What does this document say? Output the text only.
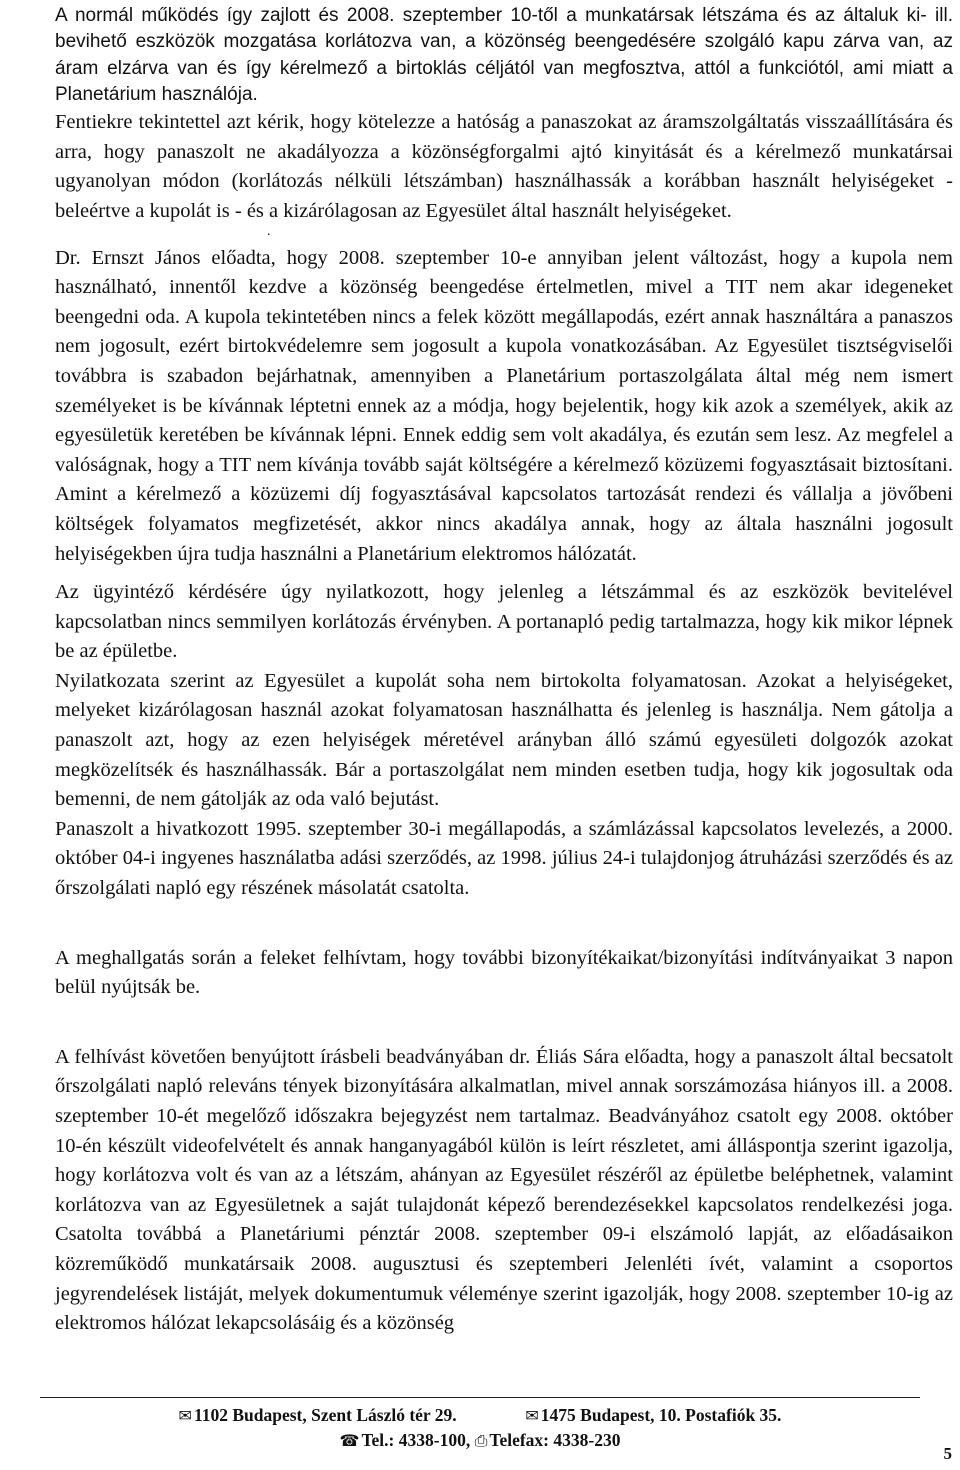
A normál működés így zajlott és 2008. szeptember 10-től a munkatársak létszáma és az általuk ki- ill. bevihető eszközök mozgatása korlátozva van, a közönség beengedésére szolgáló kapu zárva van, az áram elzárva van és így kérelmező a birtoklás céljától van megfosztva, attól a funkciótól, ami miatt a Planetárium használója.

Fentiekre tekintettel azt kérik, hogy kötelezze a hatóság a panaszokat az áramszolgáltatás visszaállítására és arra, hogy panaszolt ne akadályozza a közönségforgalmi ajtó kinyitását és a kérelmező munkatársai ugyanolyan módon (korlátozás nélküli létszámban) használhassák a korábban használt helyiségeket - beleértve a kupolát is - és a kizárólagosan az Egyesület által használt helyiségeket.

.

Dr. Ernszt János előadta, hogy 2008. szeptember 10-e annyiban jelent változást, hogy a kupola nem használható, innentől kezdve a közönség beengedése értelmetlen, mivel a TIT nem akar idegeneket beengedni oda. A kupola tekintetében nincs a felek között megállapodás, ezért annak használtára a panaszos nem jogosult, ezért birtokvédelemre sem jogosult a kupola vonatkozásában. Az Egyesület tisztségviselői továbbra is szabadon bejárhatnak, amennyiben a Planetárium portaszolgálata által még nem ismert személyeket is be kívánnak léptetni ennek az a módja, hogy bejelentik, hogy kik azok a személyek, akik az egyesületük keretében be kívánnak lépni. Ennek eddig sem volt akadálya, és ezután sem lesz. Az megfelel a valóságnak, hogy a TIT nem kívánja tovább saját költségére a kérelmező közüzemi fogyasztásait biztosítani. Amint a kérelmező a közüzemi díj fogyasztásával kapcsolatos tartozását rendezi és vállalja a jövőbeni költségek folyamatos megfizetését, akkor nincs akadálya annak, hogy az általa használni jogosult helyiségekben újra tudja használni a Planetárium elektromos hálózatát.

Az ügyintéző kérdésére úgy nyilatkozott, hogy jelenleg a létszámmal és az eszközök bevitelével kapcsolatban nincs semmilyen korlátozás érvényben. A portanapló pedig tartalmazza, hogy kik mikor lépnek be az épületbe.

Nyilatkozata szerint az Egyesület a kupolát soha nem birtokolta folyamatosan. Azokat a helyiségeket, melyeket kizárólagosan használ azokat folyamatosan használhatta és jelenleg is használja. Nem gátolja a panaszolt azt, hogy az ezen helyiségek méretével arányban álló számú egyesületi dolgozók azokat megközelítsék és használhassák. Bár a portaszolgálat nem minden esetben tudja, hogy kik jogosultak oda bemenni, de nem gátolják az oda való bejutást.

Panaszolt a hivatkozott 1995. szeptember 30-i megállapodás, a számlázással kapcsolatos levelezés, a 2000. október 04-i ingyenes használatba adási szerződés, az 1998. július 24-i tulajdonjog átruházási szerződés és az őrszolgálati napló egy részének másolatát csatolta.

A meghallgatás során a feleket felhívtam, hogy további bizonyítékaikat/bizonyítási indítványaikat 3 napon belül nyújtsák be.

A felhívást követően benyújtott írásbeli beadványában dr. Éliás Sára előadta, hogy a panaszolt által becsatolt őrszolgálati napló releváns tények bizonyítására alkalmatlan, mivel annak sorszámozása hiányos ill. a 2008. szeptember 10-ét megelőző időszakra bejegyzést nem tartalmaz. Beadványához csatolt egy 2008. október 10-én készült videofelvételt és annak hanganyagából külön is leírt részletet, ami álláspontja szerint igazolja, hogy korlátozva volt és van az a létszám, ahányan az Egyesület részéről az épületbe beléphetnek, valamint korlátozva van az Egyesületnek a saját tulajdonát képező berendezésekkel kapcsolatos rendelkezési joga. Csatolta továbbá a Planetáriumi pénztár 2008. szeptember 09-i elszámoló lapját, az előadásaikon közreműködő munkatársaik 2008. augusztusi és szeptemberi Jelenléti ívét, valamint a csoportos jegyrendelések listáját, melyek dokumentumuk véleménye szerint igazolják, hogy 2008. szeptember 10-ig az elektromos hálózat lekapcsolásáig és a közönség

✉ 1102 Budapest, Szent László tér 29.	✉ 1475 Budapest, 10. Postafiók 35.
☎ Tel.: 4338-100, ⎙ Telefax: 4338-230
5
